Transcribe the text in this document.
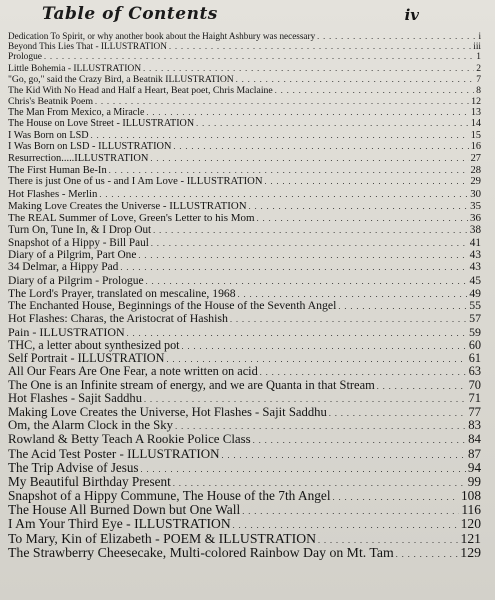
Table of Contents	iv
Dedication To Spirit, or why another book about the Haight Ashbury was necessary . . .	i
Beyond This Lies That - ILLUSTRATION . . .	iii
Prologue . . .	1
Little Bohemia - ILLUSTRATION . . .	2
"Go, go," said the Crazy Bird, a Beatnik ILLUSTRATION . . .	7
The Kid With No Head and Half a Heart, Beat poet, Chris Maclaine . . .	8
Chris's Beatnik Poem . . .	12
The Man From Mexico, a Miracle . . .	13
The House on Love Street - ILLUSTRATION . . .	14
I Was Born on LSD . . .	15
I Was Born on LSD - ILLUSTRATION . . .	16
Resurrection.....ILLUSTRATION . . .	27
The First Human Be-In . . .	28
There is just One of us - and I Am Love - ILLUSTRATION . . .	29
Hot Flashes - Merlin . . .	30
Making Love Creates the Universe - ILLUSTRATION . . .	35
The REAL Summer of Love, Green's Letter to his Mom . . .	36
Turn On, Tune In, & I Drop Out . . .	38
Snapshot of a Hippy - Bill Paul . . .	41
Diary of a Pilgrim, Part One . . .	43
34 Delmar, a Hippy Pad . . .	43
Diary of a Pilgrim - Prologue . . .	45
The Lord's Prayer, translated on mescaline, 1968 . . .	49
The Enchanted House, Beginnings of the House of the Seventh Angel . . .	55
Hot Flashes: Charas, the Aristocrat of Hashish . . .	57
Pain - ILLUSTRATION . . .	59
THC, a letter about synthesized pot . . .	60
Self Portrait - ILLUSTRATION . . .	61
All Our Fears Are One Fear, a note written on acid . . .	63
The One is an Infinite stream of energy, and we are Quanta in that Stream . . .	70
Hot Flashes - Sajit Saddhu . . .	71
Making Love Creates the Universe, Hot Flashes - Sajit Saddhu . . .	77
Om, the Alarm Clock in the Sky . . .	83
Rowland & Betty Teach A Rookie Police Class . . .	84
The Acid Test Poster - ILLUSTRATION . . .	87
The Trip Advise of Jesus . . .	94
My Beautiful Birthday Present . . .	99
Snapshot of a Hippy Commune, The House of the 7th Angel . . .	108
The House All Burned Down but One Wall . . .	116
I Am Your Third Eye - ILLUSTRATION . . .	120
To Mary, Kin of Elizabeth - POEM & ILLUSTRATION . . .	121
The Strawberry Cheesecake, Multi-colored Rainbow Day on Mt. Tam . . .	129
